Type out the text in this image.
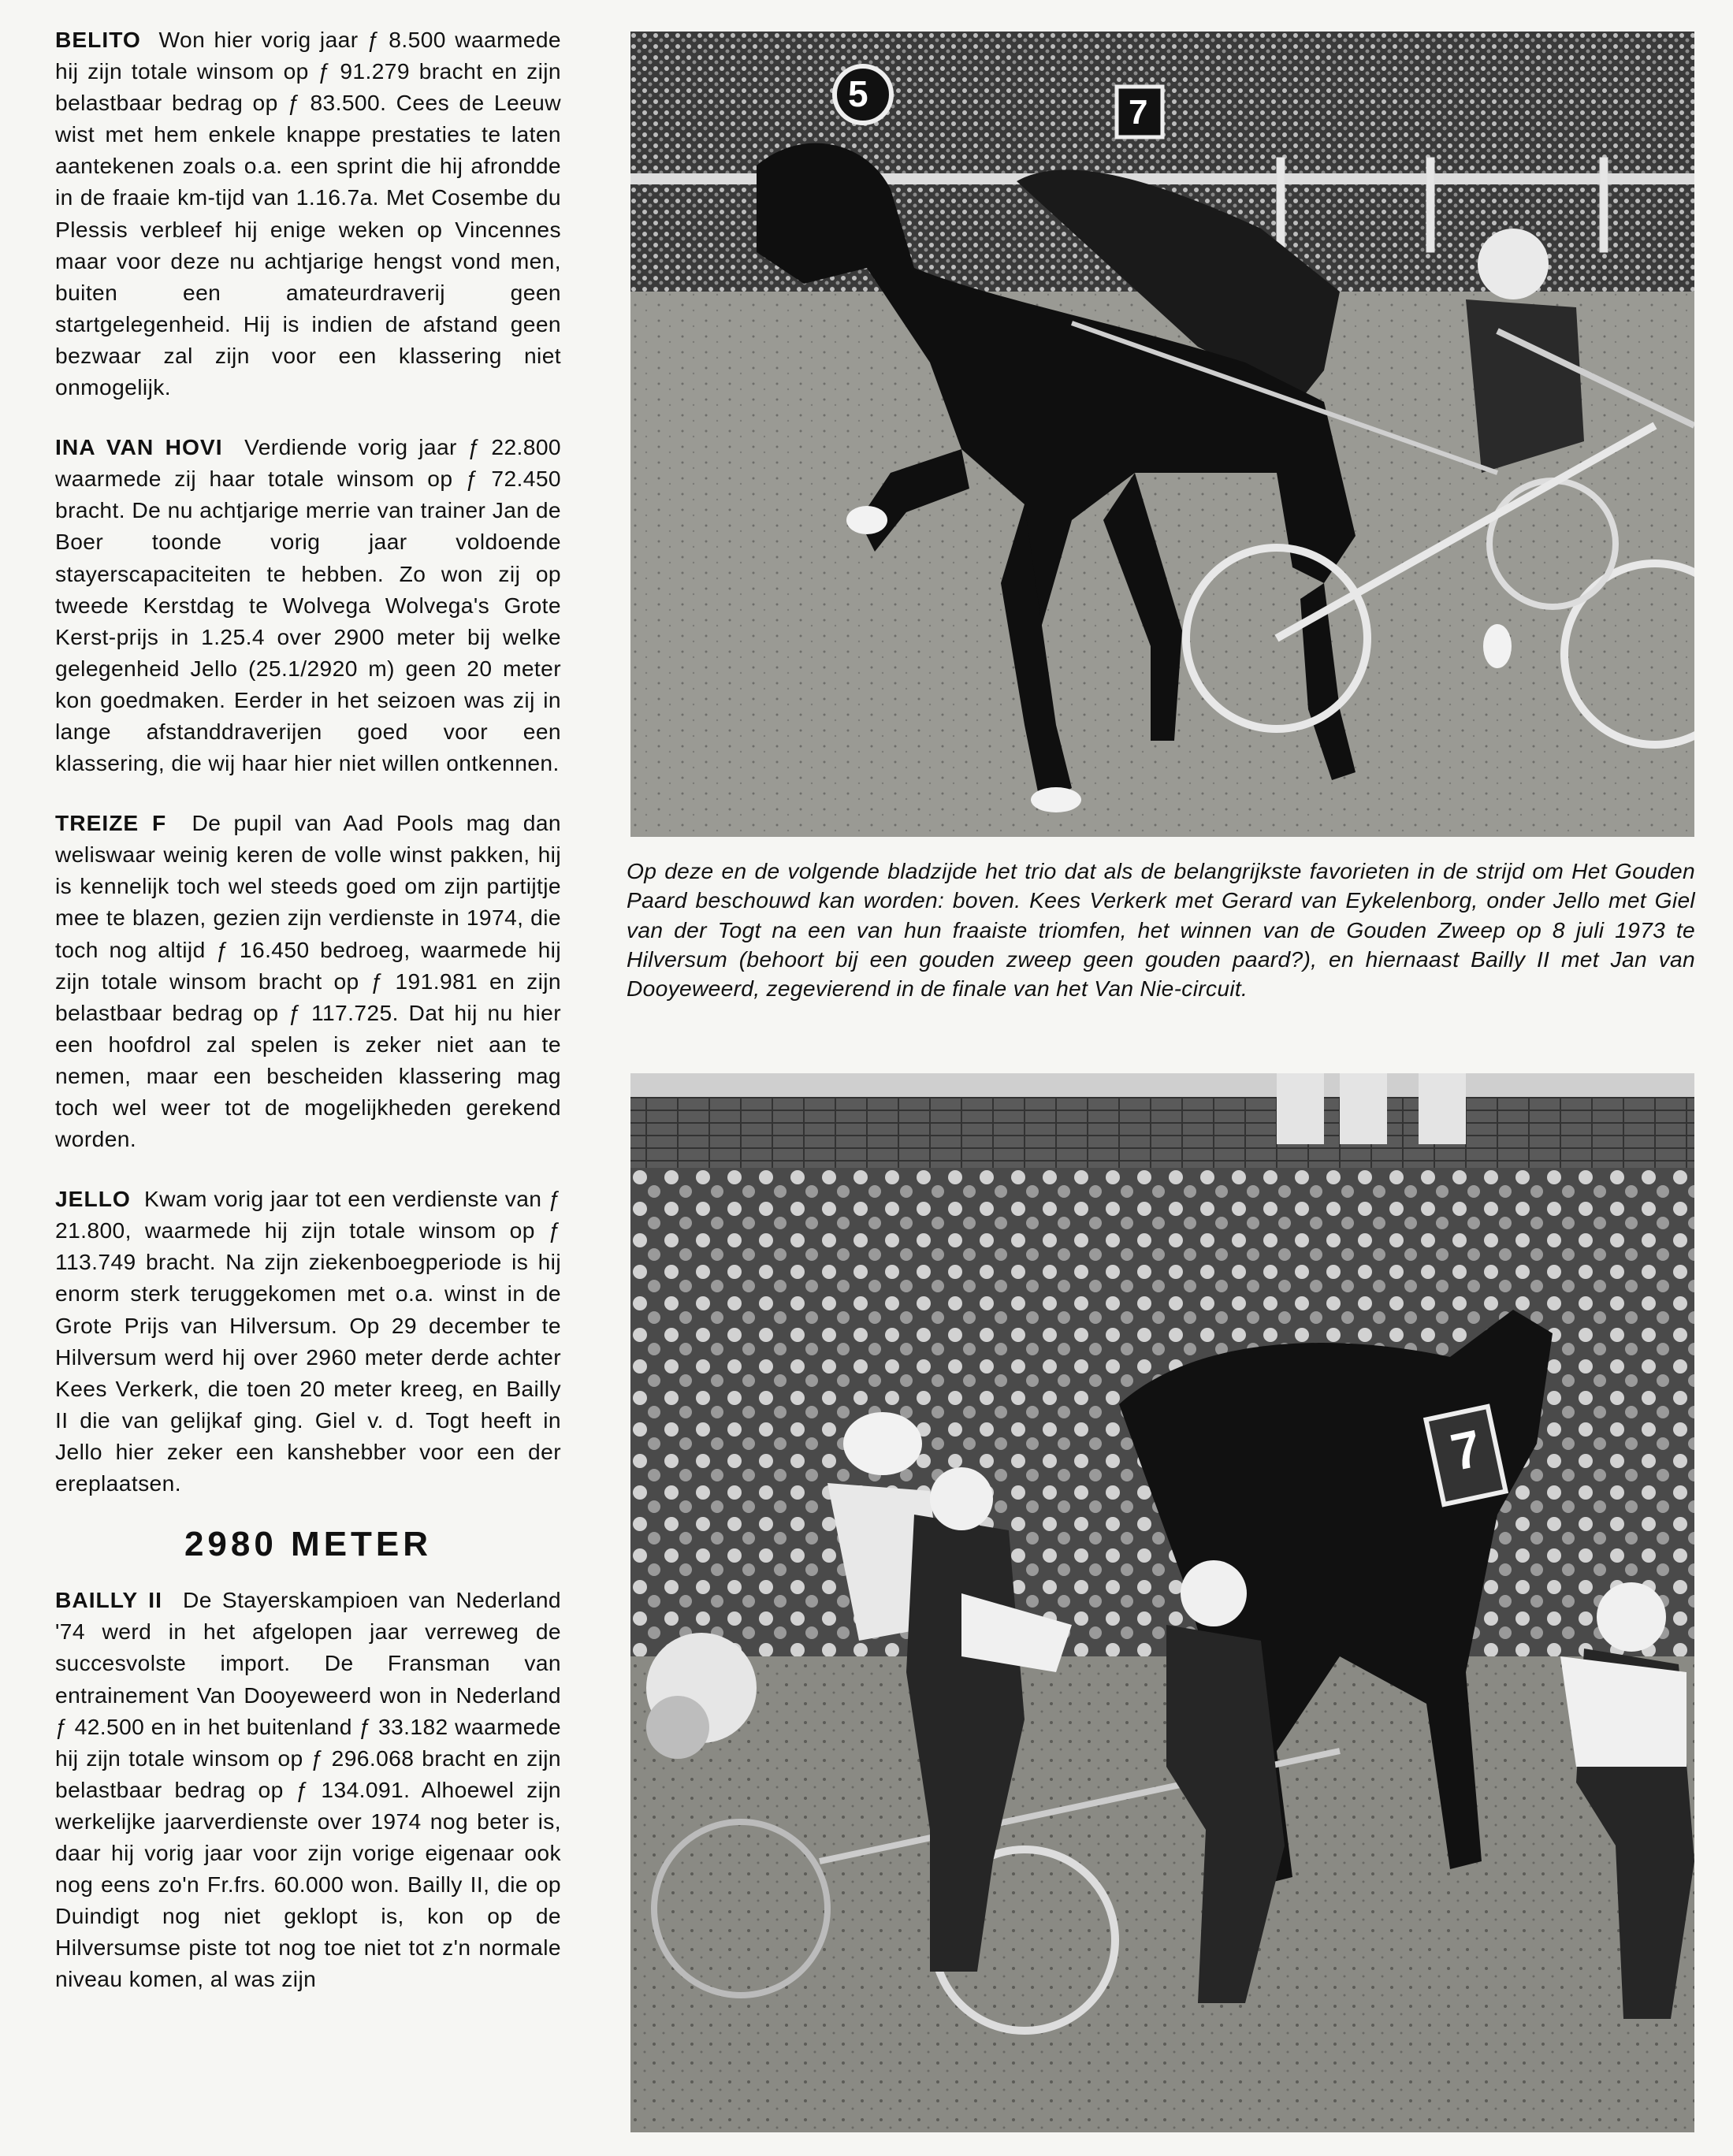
BELITO Won hier vorig jaar ƒ 8.500 waarmede hij zijn totale winsom op ƒ 91.279 bracht en zijn belastbaar bedrag op ƒ 83.500. Cees de Leeuw wist met hem enkele knappe prestaties te laten aantekenen zoals o.a. een sprint die hij afrondde in de fraaie km-tijd van 1.16.7a. Met Cosembe du Plessis verbleef hij enige weken op Vincennes maar voor deze nu achtjarige hengst vond men, buiten een amateurdraverij geen startgelegenheid. Hij is indien de afstand geen bezwaar zal zijn voor een klassering niet onmogelijk.

INA VAN HOVI Verdiende vorig jaar ƒ 22.800 waarmede zij haar totale winsom op ƒ 72.450 bracht. De nu achtjarige merrie van trainer Jan de Boer toonde vorig jaar voldoende stayerscapaciteiten te hebben. Zo won zij op tweede Kerstdag te Wolvega Wolvega's Grote Kerst-prijs in 1.25.4 over 2900 meter bij welke gelegenheid Jello (25.1/2920 m) geen 20 meter kon goedmaken. Eerder in het seizoen was zij in lange afstanddraverijen goed voor een klassering, die wij haar hier niet willen ontkennen.

TREIZE F De pupil van Aad Pools mag dan weliswaar weinig keren de volle winst pakken, hij is kennelijk toch wel steeds goed om zijn partijtje mee te blazen, gezien zijn verdienste in 1974, die toch nog altijd ƒ 16.450 bedroeg, waarmede hij zijn totale winsom bracht op ƒ 191.981 en zijn belastbaar bedrag op ƒ 117.725. Dat hij nu hier een hoofdrol zal spelen is zeker niet aan te nemen, maar een bescheiden klassering mag toch wel weer tot de mogelijkheden gerekend worden.

JELLO Kwam vorig jaar tot een verdienste van ƒ 21.800, waarmede hij zijn totale winsom op ƒ 113.749 bracht. Na zijn ziekenboegperiode is hij enorm sterk teruggekomen met o.a. winst in de Grote Prijs van Hilversum. Op 29 december te Hilversum werd hij over 2960 meter derde achter Kees Verkerk, die toen 20 meter kreeg, en Bailly II die van gelijkaf ging. Giel v. d. Togt heeft in Jello hier zeker een kanshebber voor een der ereplaatsen.

2980 METER

BAILLY II De Stayerskampioen van Nederland '74 werd in het afgelopen jaar verreweg de succesvolste import. De Fransman van entrainement Van Dooyeweerd won in Nederland ƒ 42.500 en in het buitenland ƒ 33.182 waarmede hij zijn totale winsom op ƒ 296.068 bracht en zijn belastbaar bedrag op ƒ 134.091. Alhoewel zijn werkelijke jaarverdienste over 1974 nog beter is, daar hij vorig jaar voor zijn vorige eigenaar ook nog eens zo'n Fr.frs. 60.000 won. Bailly II, die op Duindigt nog niet geklopt is, kon op de Hilversumse piste tot nog toe niet tot z'n normale niveau komen, al was zijn

5	7
Op deze en de volgende bladzijde het trio dat als de belangrijkste favorieten in de strijd om Het Gouden Paard beschouwd kan worden: boven. Kees Verkerk met Gerard van Eykelenborg, onder Jello met Giel van der Togt na een van hun fraaiste triomfen, het winnen van de Gouden Zweep op 8 juli 1973 te Hilversum (behoort bij een gouden zweep geen gouden paard?), en hiernaast Bailly II met Jan van Dooyeweerd, zegevierend in de finale van het Van Nie-circuit.
7
